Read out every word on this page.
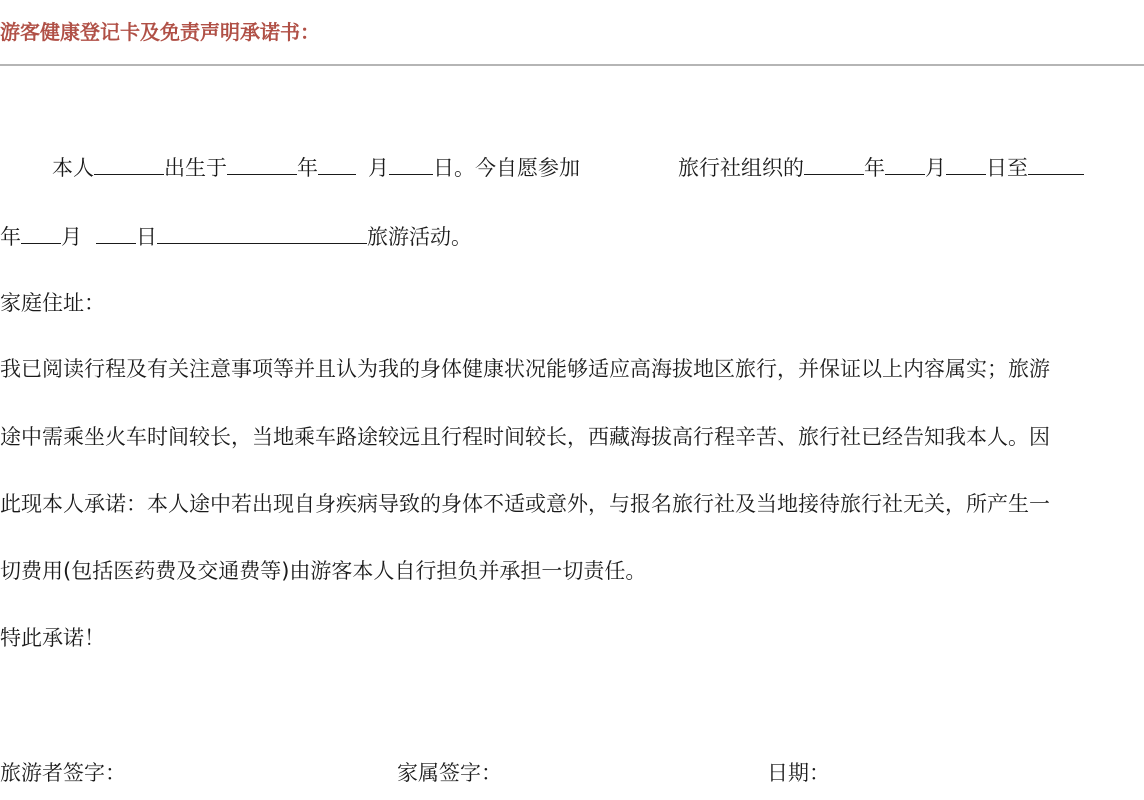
游客健康登记卡及免责声明承诺书：
本人	出生于	年 月 日。今自愿参加	旅行社组织的	年 月 日至
年 月	日	旅游活动。
家庭住址：
我已阅读行程及有关注意事项等并且认为我的身体健康状况能够适应高海拔地区旅行，并保证以上内容属实；旅游
途中需乘坐火车时间较长，当地乘车路途较远且行程时间较长，西藏海拔高行程辛苦、旅行社已经告知我本人。因
此现本人承诺：本人途中若出现自身疾病导致的身体不适或意外，与报名旅行社及当地接待旅行社无关，所产生一
切费用(包括医药费及交通费等)由游客本人自行担负并承担一切责任。
特此承诺！
旅游者签字：	家属签字：	日期：
